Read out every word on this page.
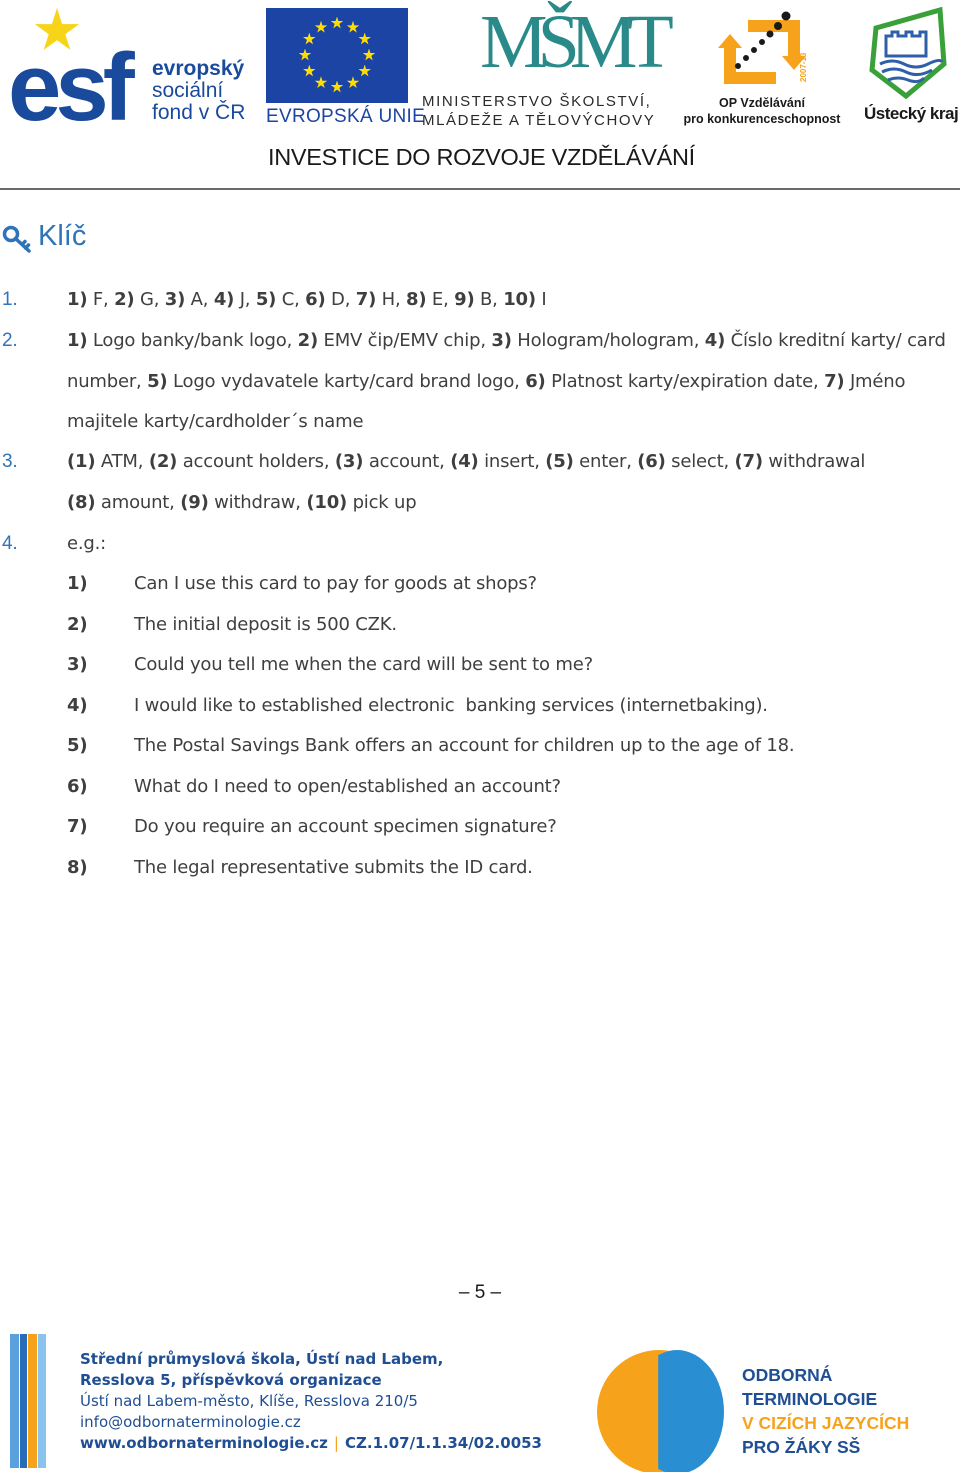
esf evropský
sociální
fond v ČR EVROPSKÁ UNIE
MŠMT
MINISTERSTVO ŠKOLSTVÍ,
MLÁDEŽE A TĚLOVÝCHOVY
2007-13
OP Vzdělávání
pro konkurenceschopnost Ústecký kraj
INVESTICE DO ROZVOJE VZDĚLÁVÁNÍ
Klíč
1.	1) F, 2) G, 3) A, 4) J, 5) C, 6) D, 7) H, 8) E, 9) B, 10) I
2.	1) Logo banky/bank logo, 2) EMV čip/EMV chip, 3) Hologram/hologram, 4) Číslo kreditní karty/ card number, 5) Logo vydavatele karty/card brand logo, 6) Platnost karty/expiration date, 7) Jméno majitele karty/cardholder´s name
3.	(1) ATM, (2) account holders, (3) account, (4) insert, (5) enter, (6) select, (7) withdrawal (8) amount, (9) withdraw, (10) pick up
4.	e.g.:
1)	Can I use this card to pay for goods at shops?
2)	The initial deposit is 500 CZK.
3)	Could you tell me when the card will be sent to me?
4)	I would like to established electronic  banking services (internetbaking).
5)	The Postal Savings Bank offers an account for children up to the age of 18.
6)	What do I need to open/established an account?
7)	Do you require an account specimen signature?
8)	The legal representative submits the ID card.
– 5 –
Střední průmyslová škola, Ústí nad Labem,
Resslova 5, příspěvková organizace
Ústí nad Labem-město, Klíše, Resslova 210/5
info@odbornaterminologie.cz
www.odbornaterminologie.cz | CZ.1.07/1.1.34/02.0053
ODBORNÁ TERMINOLOGIE
V CIZÍCH JAZYCÍCH
PRO ŽÁKY SŠ
